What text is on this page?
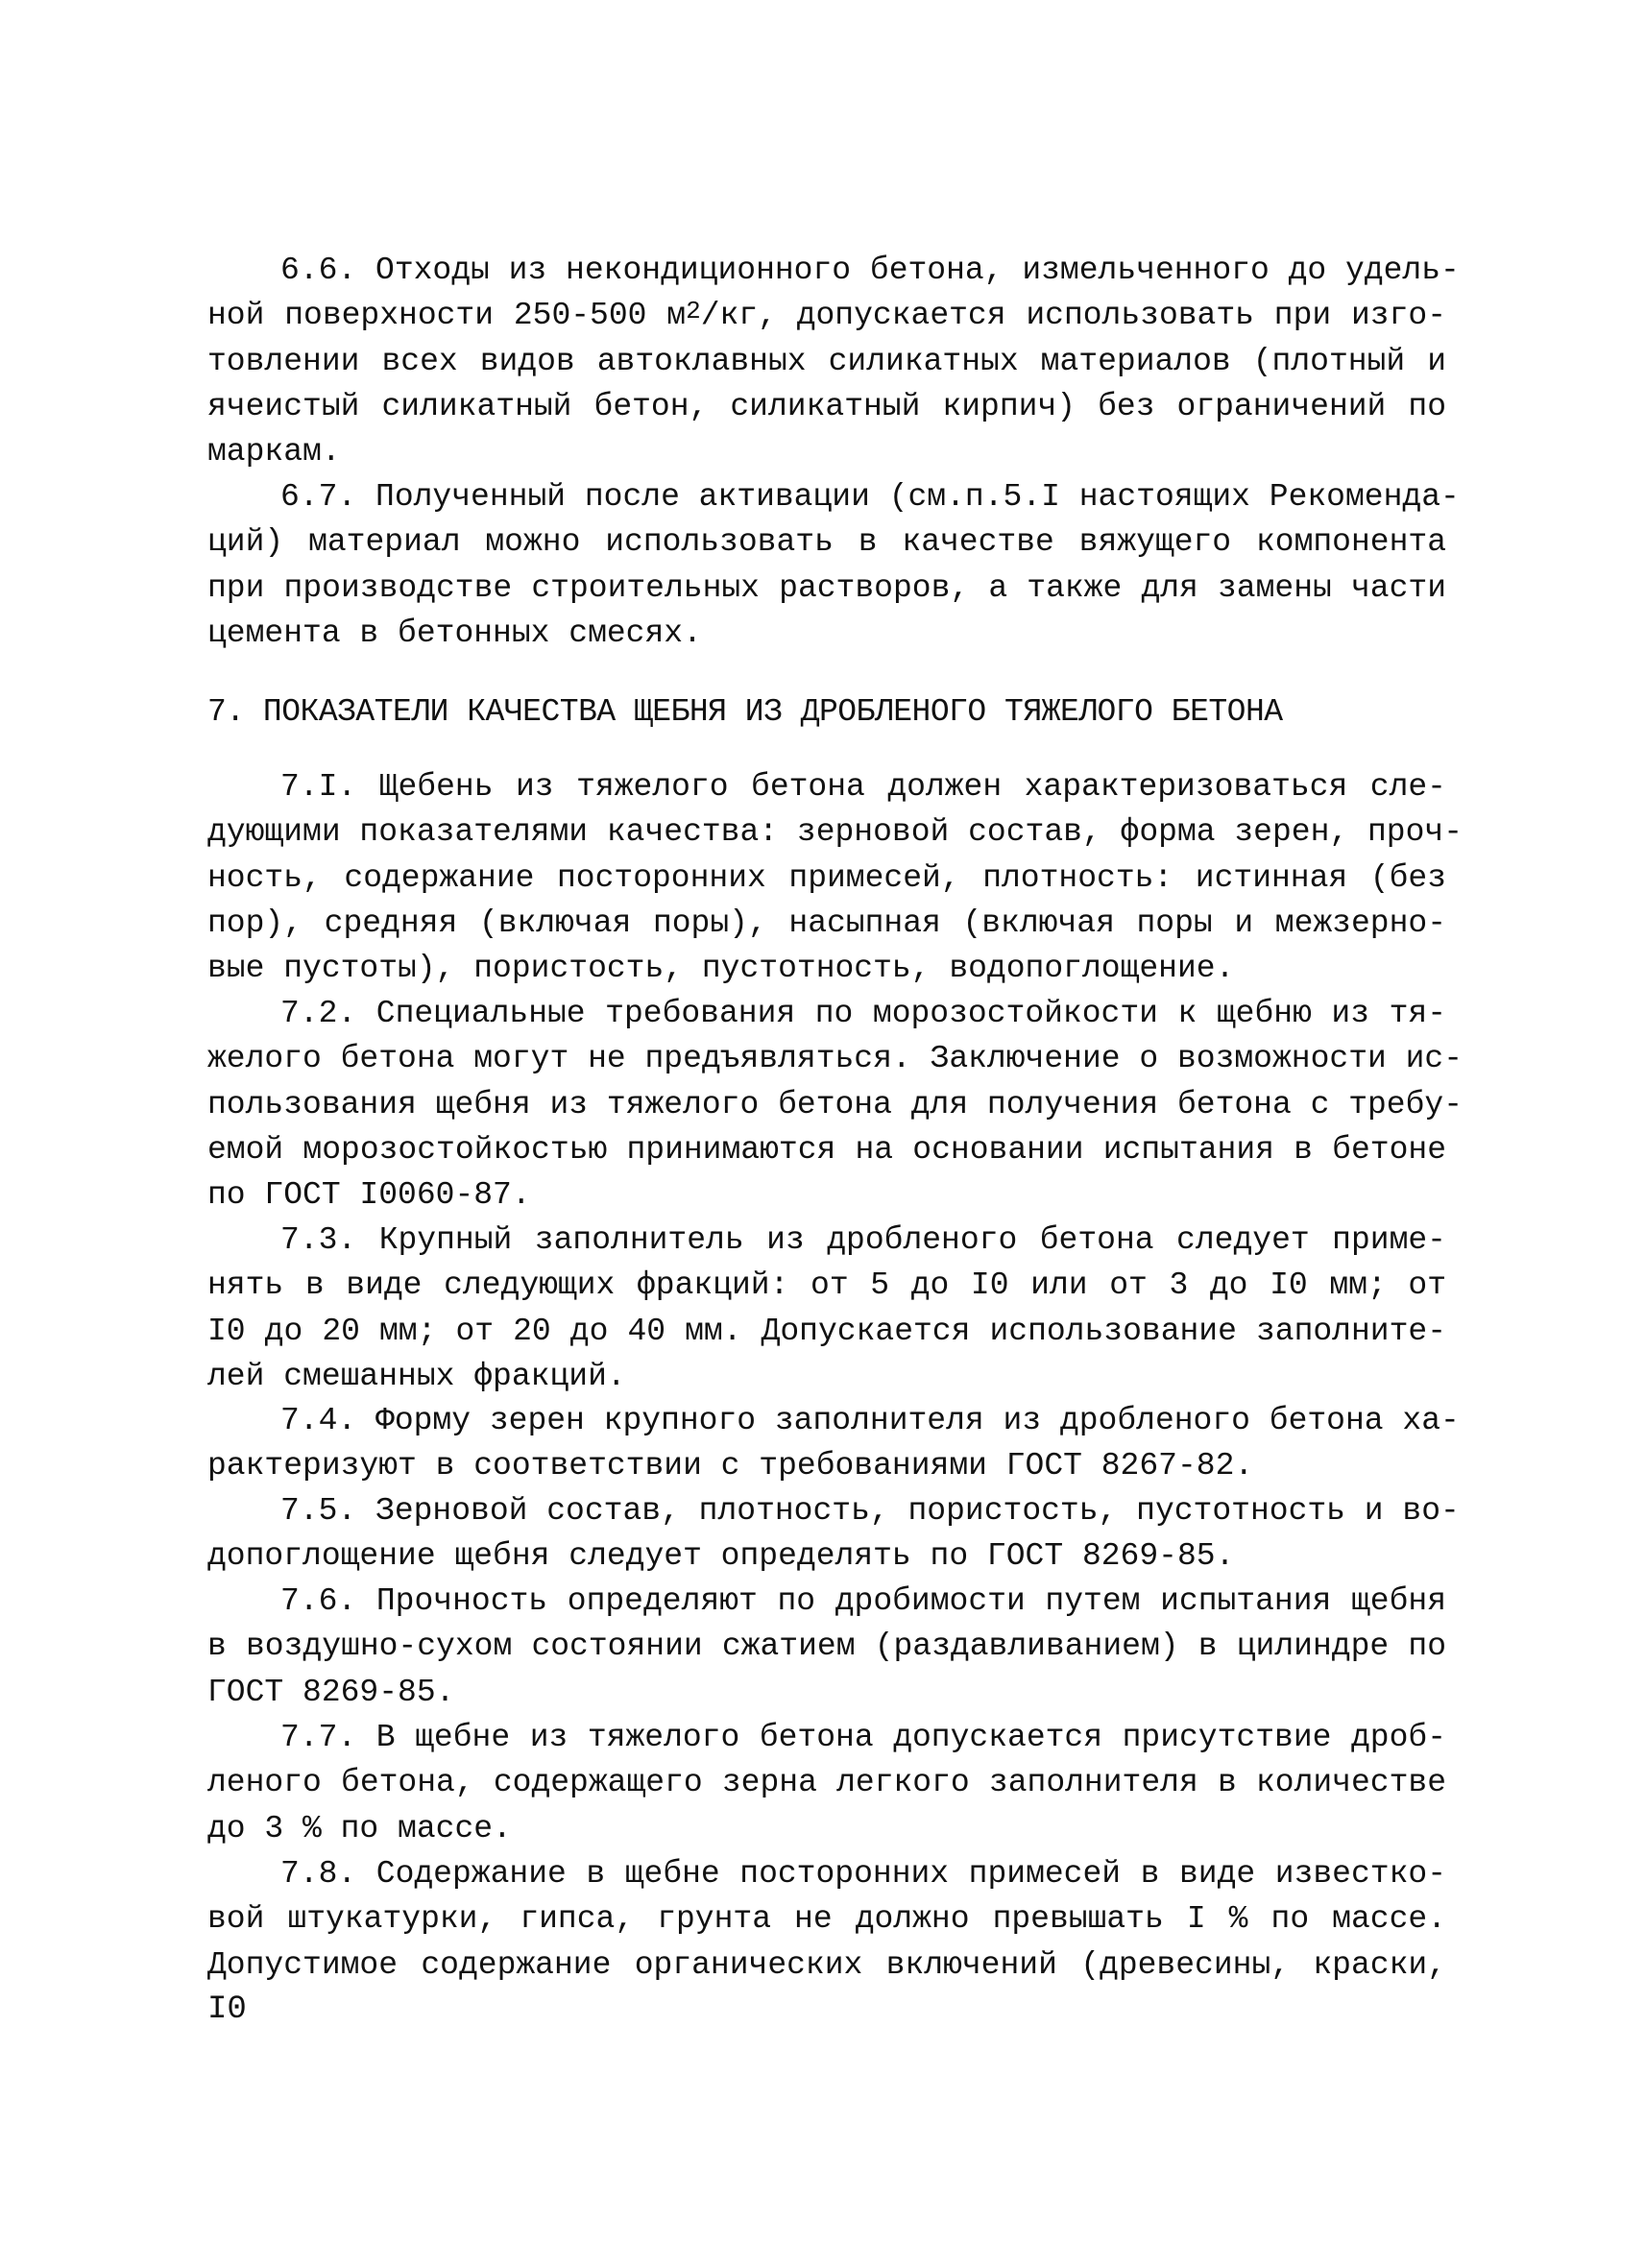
6.6. Отходы из некондиционного бетона, измельченного до удель-
ной поверхности 250-500 $м^2/кг$, допускается использовать при изго-
товлении всех видов автоклавных силикатных материалов (плотный и
ячеистый силикатный бетон, силикатный кирпич) без ограничений по
маркам.

6.7. Полученный после активации (см.п.5.I настоящих Рекоменда-
ций) материал можно использовать в качестве вяжущего компонента
при производстве строительных растворов, а также для замены части
цемента в бетонных смесях.

7. ПОКАЗАТЕЛИ КАЧЕСТВА ЩЕБНЯ ИЗ ДРОБЛЕНОГО ТЯЖЕЛОГО БЕТОНА

7.I. Щебень из тяжелого бетона должен характеризоваться сле-
дующими показателями качества: зерновой состав, форма зерен, проч-
ность, содержание посторонних примесей, плотность: истинная (без
пор), средняя (включая поры), насыпная (включая поры и межзерно-
вые пустоты), пористость, пустотность, водопоглощение.

7.2. Специальные требования по морозостойкости к щебню из тя-
желого бетона могут не предъявляться. Заключение о возможности ис-
пользования щебня из тяжелого бетона для получения бетона с требу-
емой морозостойкостью принимаются на основании испытания в бетоне
по ГОСТ I0060-87.

7.3. Крупный заполнитель из дробленого бетона следует приме-
нять в виде следующих фракций: от 5 до I0 или от 3 до I0 мм; от
I0 до 20 мм; от 20 до 40 мм. Допускается использование заполните-
лей смешанных фракций.

7.4. Форму зерен крупного заполнителя из дробленого бетона ха-
рактеризуют в соответствии с требованиями ГОСТ 8267-82.

7.5. Зерновой состав, плотность, пористость, пустотность и во-
допоглощение щебня следует определять по ГОСТ 8269-85.

7.6. Прочность определяют по дробимости путем испытания щебня
в воздушно-сухом состоянии сжатием (раздавливанием) в цилиндре по
ГОСТ 8269-85.

7.7. В щебне из тяжелого бетона допускается присутствие дроб-
леного бетона, содержащего зерна легкого заполнителя в количестве
до 3 % по массе.

7.8. Содержание в щебне посторонних примесей в виде известко-
вой штукатурки, гипса, грунта не должно превышать I % по массе.
Допустимое содержание органических включений (древесины, краски,

I0
